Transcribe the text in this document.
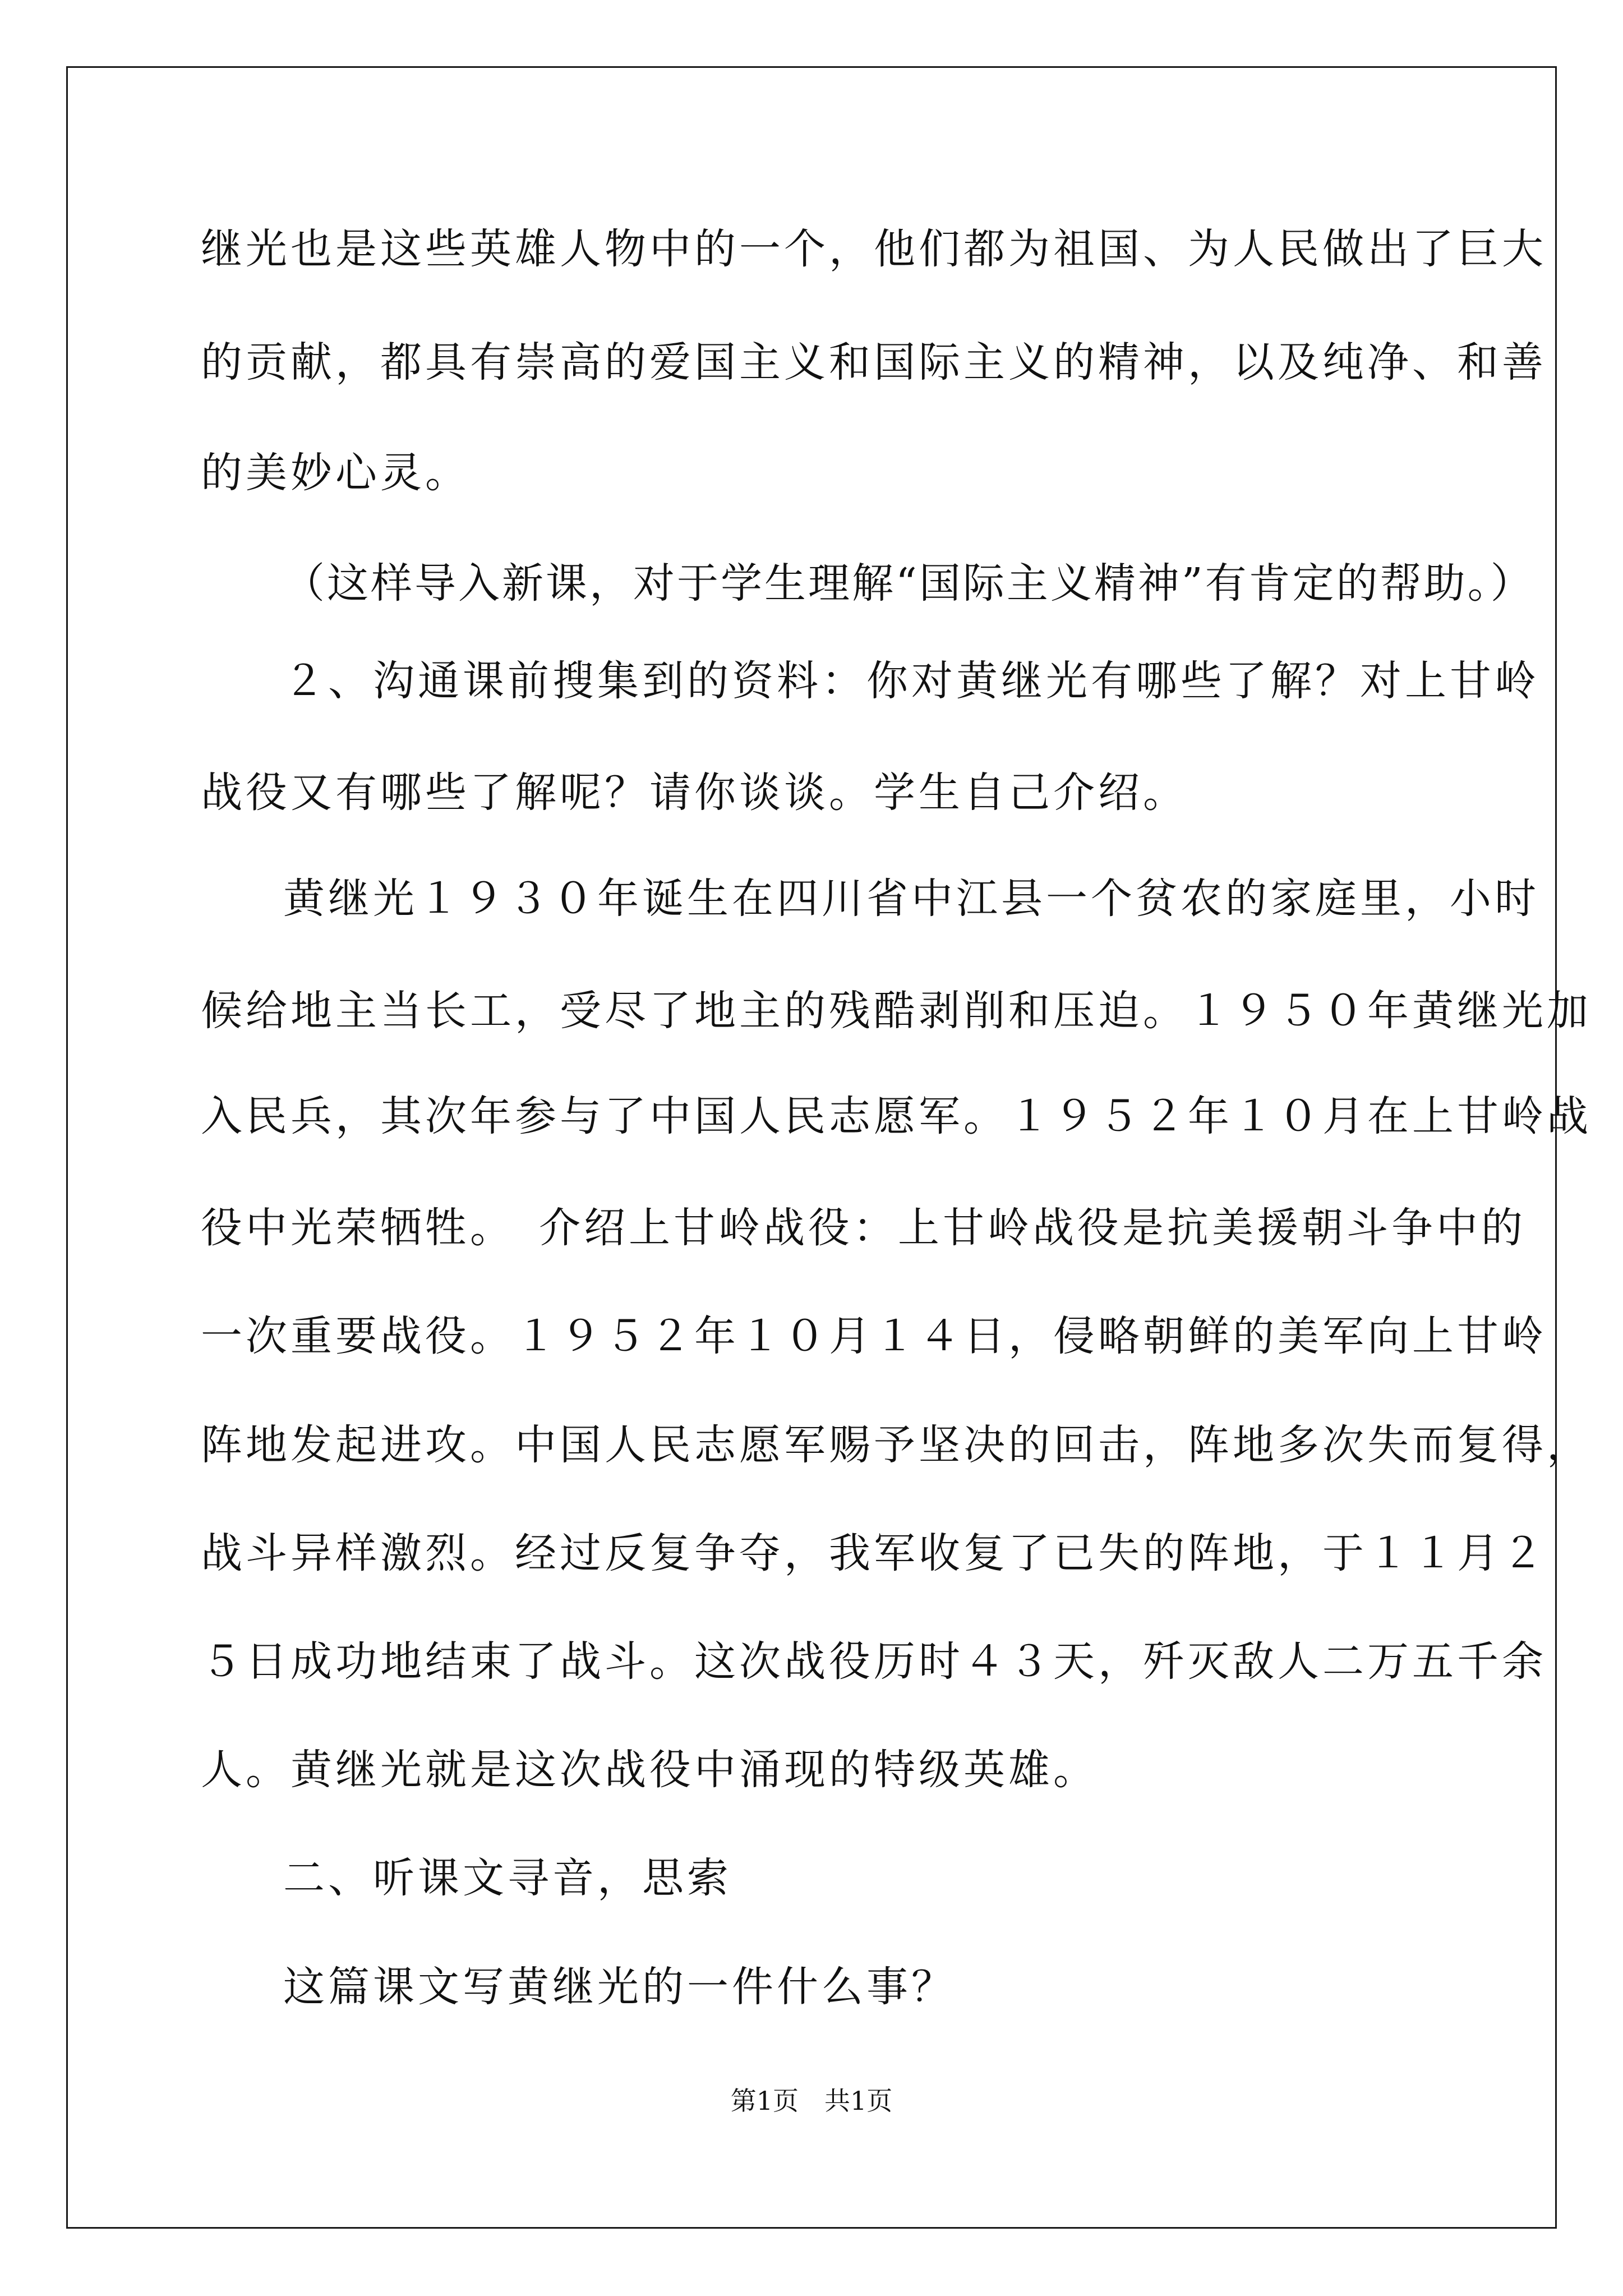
继光也是这些英雄人物中的一个，他们都为祖国、为人民做出了巨大
的贡献，都具有崇高的爱国主义和国际主义的精神，以及纯净、和善
的美妙心灵。
（这样导入新课，对于学生理解“国际主义精神”有肯定的帮助。）
２、沟通课前搜集到的资料：你对黄继光有哪些了解？对上甘岭
战役又有哪些了解呢？请你谈谈。学生自己介绍。
黄继光１９３０年诞生在四川省中江县一个贫农的家庭里，小时
候给地主当长工，受尽了地主的残酷剥削和压迫。１９５０年黄继光加
入民兵，其次年参与了中国人民志愿军。１９５２年１０月在上甘岭战
役中光荣牺牲。　介绍上甘岭战役：上甘岭战役是抗美援朝斗争中的
一次重要战役。１９５２年１０月１４日，侵略朝鲜的美军向上甘岭
阵地发起进攻。中国人民志愿军赐予坚决的回击，阵地多次失而复得，
战斗异样激烈。经过反复争夺，我军收复了已失的阵地，于１１月２
５日成功地结束了战斗。这次战役历时４３天，歼灭敌人二万五千余
人。黄继光就是这次战役中涌现的特级英雄。
二、听课文寻音，思索
这篇课文写黄继光的一件什么事？
第1页　共1页
